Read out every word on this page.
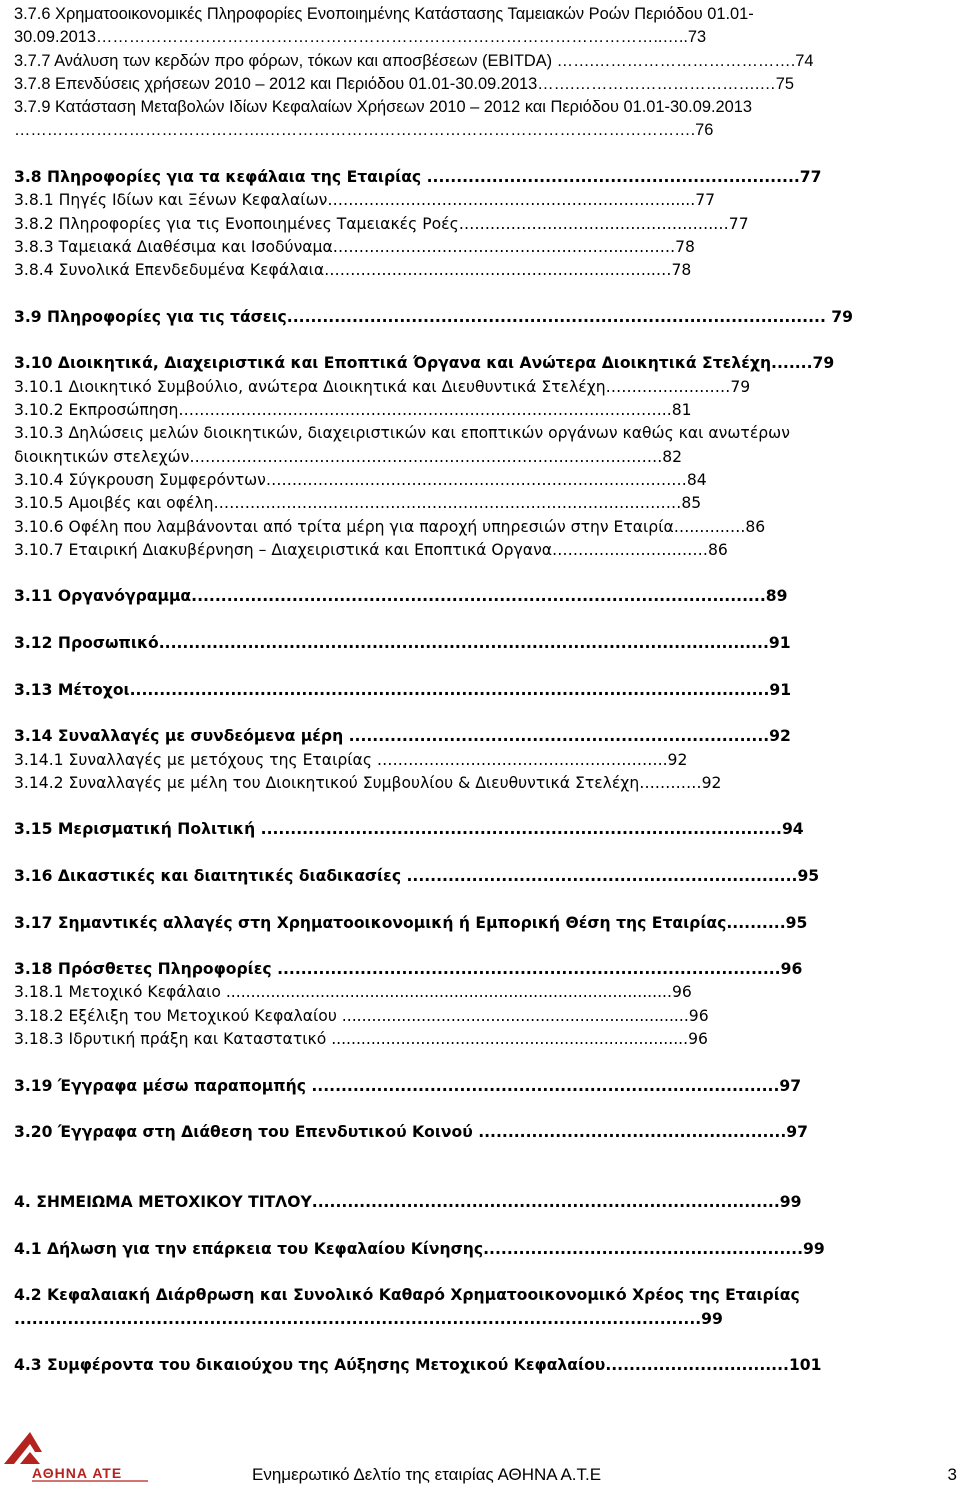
3.7.6 Χρηματοοικονομικές Πληροφορίες Ενοποιημένης Κατάστασης Ταμειακών Ροών Περιόδου 01.01-
30.09.2013…………………………………………………………………………………………..…..73
3.7.7 Ανάλυση των κερδών προ φόρων, τόκων και αποσβέσεων (EBITDA) …….……………………………….74
3.7.8 Επενδύσεις χρήσεων 2010 – 2012 και Περιόδου 01.01-30.09.2013…….…………………………….…75
3.7.9 Κατάσταση Μεταβολών Ιδίων Κεφαλαίων Χρήσεων 2010 – 2012 και Περιόδου 01.01-30.09.2013
……………………………………….…………………………………………………………………….76
3.8 Πληροφορίες για τα κεφάλαια της Εταιρίας ...............................................................77
3.8.1 Πηγές Ιδίων και Ξένων Κεφαλαίων………………………………………………………….....77
3.8.2 Πληροφορίες για τις Ενοποιημένες Ταμειακές Ροές………………………………………….…77
3.8.3 Ταμειακά Διαθέσιμα και Ισοδύναμα………………………………………………..……….78
3.8.4 Συνολικά Επενδεδυμένα Κεφάλαια………………………..……………………………..…78
3.9 Πληροφορίες για τις τάσεις........................................................................................... 79
3.10 Διοικητικά, Διαχειριστικά και Εποπτικά Όργανα και Ανώτερα Διοικητικά Στελέχη.......79
3.10.1 Διοικητικό Συμβούλιο, ανώτερα Διοικητικά και Διευθυντικά Στελέχη……………………79
3.10.2 Εκπροσώπηση…………………………………………………………………………………..81
3.10.3 Δηλώσεις μελών διοικητικών, διαχειριστικών και εποπτικών οργάνων καθώς και ανωτέρων
διοικητικών στελεχών……………………………………………………………………………….82
3.10.4 Σύγκρουση Συμφερόντων………………………………………………………………………84
3.10.5 Αμοιβές και οφέλη………………………………………………………………………………85
3.10.6 Οφέλη που λαμβάνονται από τρίτα μέρη για παροχή υπηρεσιών στην Εταιρία…..…..….86
3.10.7 Εταιρική Διακυβέρνηση – Διαχειριστικά και Εποπτικά Οργανα…………………………86
3.11 Οργανόγραμμα.................................................................................................89
3.12 Προσωπικό.......................................................................................................91
3.13 Μέτοχοι............................................................................................................91
3.14 Συναλλαγές με συνδεόμενα μέρη .......................................................................92
3.14.1 Συναλλαγές με μετόχους της Εταιρίας ………………………………………………..92
3.14.2 Συναλλαγές με μέλη του Διοικητικού Συμβουλίου & Διευθυντικά Στελέχη…………92
3.15 Μερισματική Πολιτική ........................................................................................94
3.16 Δικαστικές και διαιτητικές διαδικασίες ..................................................................95
3.17 Σημαντικές αλλαγές στη Χρηματοοικονομική ή Εμπορική Θέση της Εταιρίας..........95
3.18 Πρόσθετες Πληροφορίες .....................................................................................96
3.18.1 Μετοχικό Κεφάλαιο ..........................................................................................96
3.18.2 Εξέλιξη του Μετοχικού Κεφαλαίου ......................................................................96
3.18.3 Ιδρυτική πράξη και Καταστατικό ........................................................................96
3.19 Έγγραφα μέσω παραπομπής ...............................................................................97
3.20 Έγγραφα στη Διάθεση του Επενδυτικού Κοινού ....................................................97
4. ΣΗΜΕΙΩΜΑ ΜΕΤΟΧΙΚΟΥ ΤΙΤΛΟΥ...............................................................................99
4.1 Δήλωση για την επάρκεια του Κεφαλαίου Κίνησης......................................................99
4.2 Κεφαλαιακή Διάρθρωση και Συνολικό Καθαρό Χρηματοοικονομικό Χρέος της Εταιρίας
....................................................................................................................99
4.3 Συμφέροντα του δικαιούχου της Αύξησης Μετοχικού Κεφαλαίου...............................101
ΑΘΗΝΑ ΑΤΕ	Ενημερωτικό Δελτίο της εταιρίας ΑΘΗΝΑ Α.Τ.Ε	3
